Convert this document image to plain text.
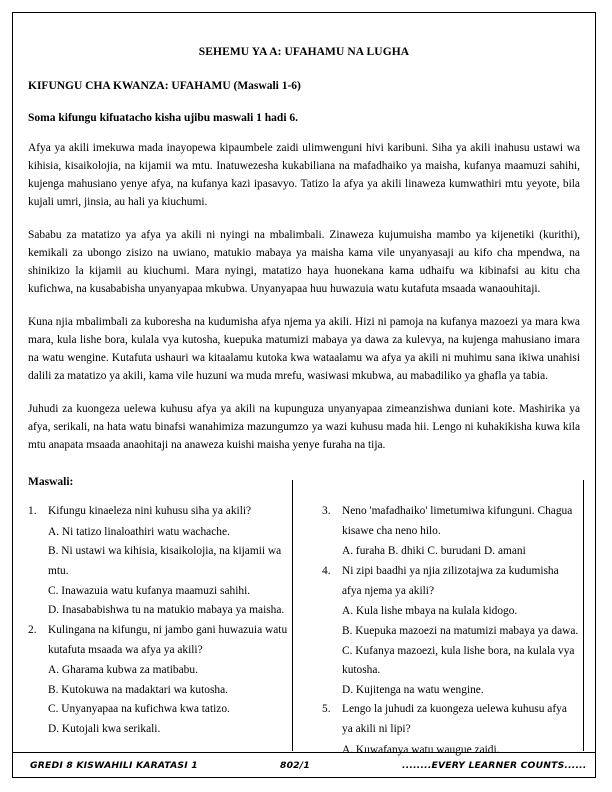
SEHEMU YA A: UFAHAMU NA LUGHA
KIFUNGU CHA KWANZA: UFAHAMU (Maswali 1-6)
Soma kifungu kifuatacho kisha ujibu maswali 1 hadi 6.

Afya ya akili imekuwa mada inayopewa kipaumbele zaidi ulimwenguni hivi karibuni. Siha ya akili inahusu ustawi wa kihisia, kisaikolojia, na kijamii wa mtu. Inatuwezesha kukabiliana na mafadhaiko ya maisha, kufanya maamuzi sahihi, kujenga mahusiano yenye afya, na kufanya kazi ipasavyo. Tatizo la afya ya akili linaweza kumwathiri mtu yeyote, bila kujali umri, jinsia, au hali ya kiuchumi.

Sababu za matatizo ya afya ya akili ni nyingi na mbalimbali. Zinaweza kujumuisha mambo ya kijenetiki (kurithi), kemikali za ubongo zisizo na uwiano, matukio mabaya ya maisha kama vile unyanyasaji au kifo cha mpendwa, na shinikizo la kijamii au kiuchumi. Mara nyingi, matatizo haya huonekana kama udhaifu wa kibinafsi au kitu cha kufichwa, na kusababisha unyanyapaa mkubwa. Unyanyapaa huu huwazuia watu kutafuta msaada wanaouhitaji.

Kuna njia mbalimbali za kuboresha na kudumisha afya njema ya akili. Hizi ni pamoja na kufanya mazoezi ya mara kwa mara, kula lishe bora, kulala vya kutosha, kuepuka matumizi mabaya ya dawa za kulevya, na kujenga mahusiano imara na watu wengine. Kutafuta ushauri wa kitaalamu kutoka kwa wataalamu wa afya ya akili ni muhimu sana ikiwa unahisi dalili za matatizo ya akili, kama vile huzuni wa muda mrefu, wasiwasi mkubwa, au mabadiliko ya ghafla ya tabia.

Juhudi za kuongeza uelewa kuhusu afya ya akili na kupunguza unyanyapaa zimeanzishwa duniani kote. Mashirika ya afya, serikali, na hata watu binafsi wanahimiza mazungumzo ya wazi kuhusu mada hii. Lengo ni kuhakikisha kuwa kila mtu anapata msaada anaohitaji na anaweza kuishi maisha yenye furaha na tija.

Maswali:
1.	Kifungu kinaeleza nini kuhusu siha ya akili?
A. Ni tatizo linaloathiri watu wachache.
B. Ni ustawi wa kihisia, kisaikolojia, na kijamii wa mtu.
C. Inawazuia watu kufanya maamuzi sahihi.
D. Inasababishwa tu na matukio mabaya ya maisha.
2.	Kulingana na kifungu, ni jambo gani huwazuia watu kutafuta msaada wa afya ya akili?
A. Gharama kubwa za matibabu.
B. Kutokuwa na madaktari wa kutosha.
C. Unyanyapaa na kufichwa kwa tatizo.
D. Kutojali kwa serikali.
3.	Neno 'mafadhaiko' limetumiwa kifunguni. Chagua kisawe cha neno hilo.
A. furaha B. dhiki C. burudani D. amani
4.	Ni zipi baadhi ya njia zilizotajwa za kudumisha afya njema ya akili?
A. Kula lishe mbaya na kulala kidogo.
B. Kuepuka mazoezi na matumizi mabaya ya dawa.
C. Kufanya mazoezi, kula lishe bora, na kulala vya kutosha.
D. Kujitenga na watu wengine.
5.	Lengo la juhudi za kuongeza uelewa kuhusu afya ya akili ni lipi?
A. Kuwafanya watu waugue zaidi.
GREDI 8 KISWAHILI KARATASI 1	802/1	........EVERY LEARNER COUNTS......
